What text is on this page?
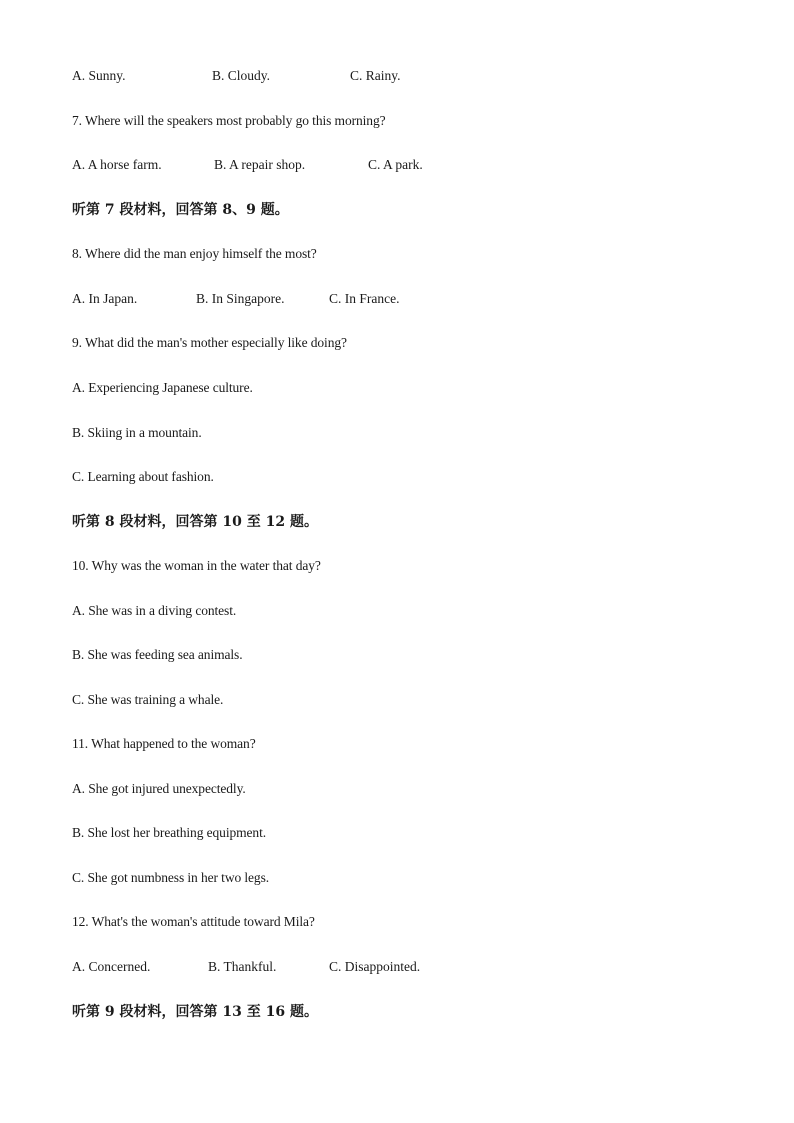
A. Sunny.	B. Cloudy.	C. Rainy.
7. Where will the speakers most probably go this morning?
A. A horse farm.	B. A repair shop.	C. A park.
听第 7 段材料，回答第 8、9 题。
8. Where did the man enjoy himself the most?
A. In Japan.	B. In Singapore.	C. In France.
9. What did the man's mother especially like doing?
A. Experiencing Japanese culture.
B. Skiing in a mountain.
C. Learning about fashion.
听第 8 段材料，回答第 10 至 12 题。
10. Why was the woman in the water that day?
A. She was in a diving contest.
B. She was feeding sea animals.
C. She was training a whale.
11. What happened to the woman?
A. She got injured unexpectedly.
B. She lost her breathing equipment.
C. She got numbness in her two legs.
12. What's the woman's attitude toward Mila?
A. Concerned.	B. Thankful.	C. Disappointed.
听第 9 段材料，回答第 13 至 16 题。
